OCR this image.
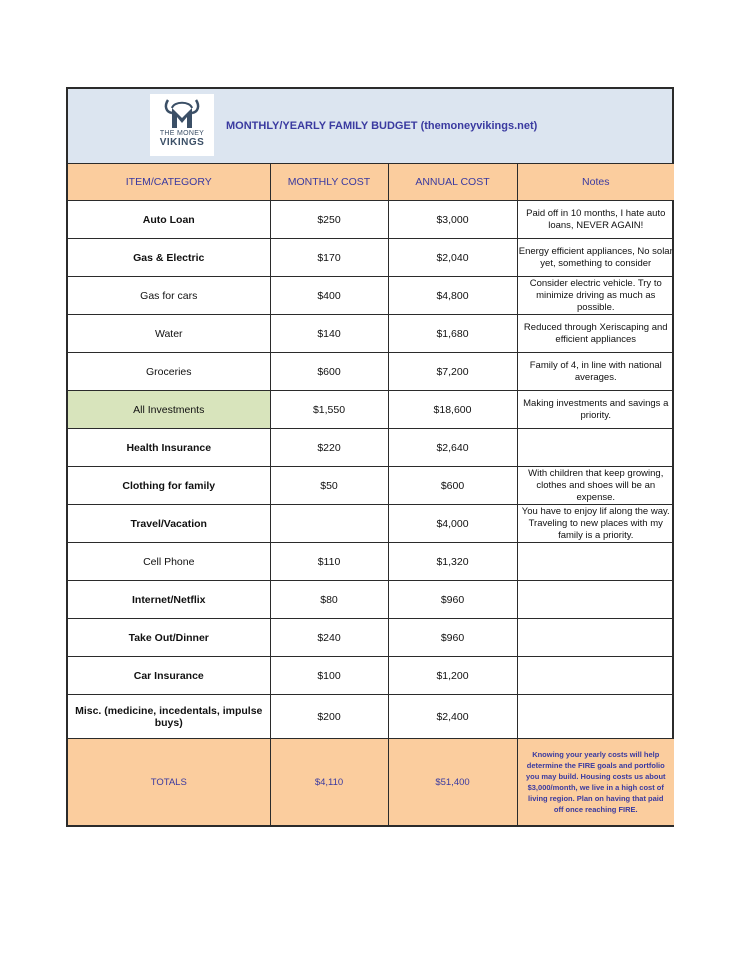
THE MONEY
VIKINGS
MONTHLY/YEARLY FAMILY BUDGET (themoneyvikings.net)
ITEM/CATEGORY	MONTHLY COST	ANNUAL COST	Notes
Auto Loan	$250	$3,000	Paid off in 10 months, I hate auto loans, NEVER AGAIN!
Gas & Electric	$170	$2,040	Energy efficient appliances, No solar yet, something to consider
Gas for cars	$400	$4,800	Consider electric vehicle. Try to minimize driving as much as possible.
Water	$140	$1,680	Reduced through Xeriscaping and efficient appliances
Groceries	$600	$7,200	Family of 4, in line with national averages.
All Investments	$1,550	$18,600	Making investments and savings a priority.
Health Insurance	$220	$2,640	
Clothing for family	$50	$600	With children that keep growing, clothes and shoes will be an expense.
Travel/Vacation		$4,000	You have to enjoy lif along the way. Traveling to new places with my family is a priority.
Cell Phone	$110	$1,320	
Internet/Netflix	$80	$960	
Take Out/Dinner	$240	$960	
Car Insurance	$100	$1,200	
Misc. (medicine, incedentals, impulse buys)	$200	$2,400	
TOTALS	$4,110	$51,400	Knowing your yearly costs will help determine the FIRE goals and portfolio you may build. Housing costs us about $3,000/month, we live in a high cost of living region. Plan on having that paid off once reaching FIRE.
